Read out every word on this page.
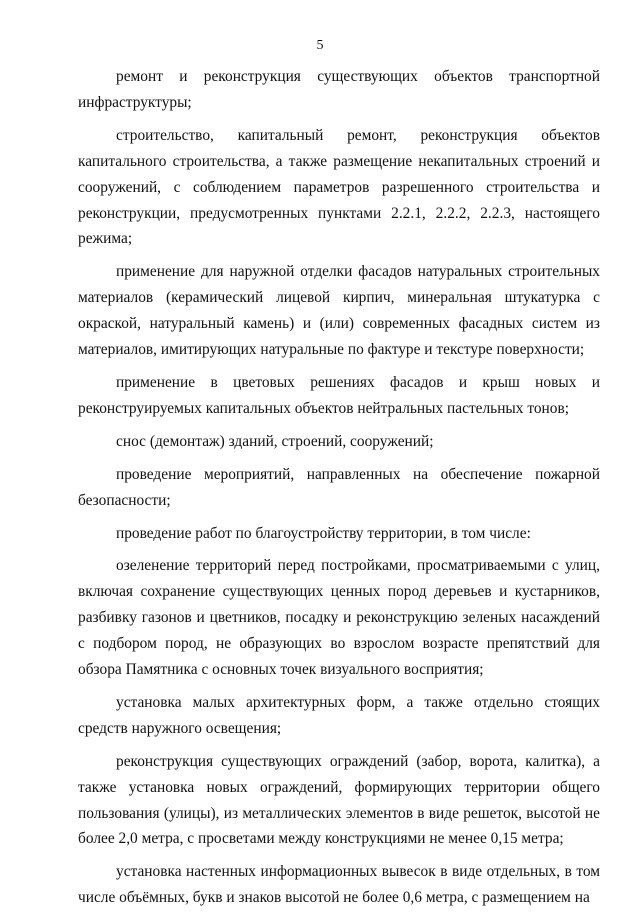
5

ремонт и реконструкция существующих объектов транспортной инфраструктуры;

строительство, капитальный ремонт, реконструкция объектов капитального строительства, а также размещение некапитальных строений и сооружений, с соблюдением параметров разрешенного строительства и реконструкции, предусмотренных пунктами 2.2.1, 2.2.2, 2.2.3, настоящего режима;

применение для наружной отделки фасадов натуральных строительных материалов (керамический лицевой кирпич, минеральная штукатурка с окраской, натуральный камень) и (или) современных фасадных систем из материалов, имитирующих натуральные по фактуре и текстуре поверхности;

применение в цветовых решениях фасадов и крыш новых и реконструируемых капитальных объектов нейтральных пастельных тонов;

снос (демонтаж) зданий, строений, сооружений;

проведение мероприятий, направленных на обеспечение пожарной безопасности;

проведение работ по благоустройству территории, в том числе:

озеленение территорий перед постройками, просматриваемыми с улиц, включая сохранение существующих ценных пород деревьев и кустарников, разбивку газонов и цветников, посадку и реконструкцию зеленых насаждений с подбором пород, не образующих во взрослом возрасте препятствий для обзора Памятника с основных точек визуального восприятия;

установка малых архитектурных форм, а также отдельно стоящих средств наружного освещения;

реконструкция существующих ограждений (забор, ворота, калитка), а также установка новых ограждений, формирующих территории общего пользования (улицы), из металлических элементов в виде решеток, высотой не более 2,0 метра, с просветами между конструкциями не менее 0,15 метра;

установка настенных информационных вывесок в виде отдельных, в том числе объёмных, букв и знаков высотой не более 0,6 метра, с размещением на
